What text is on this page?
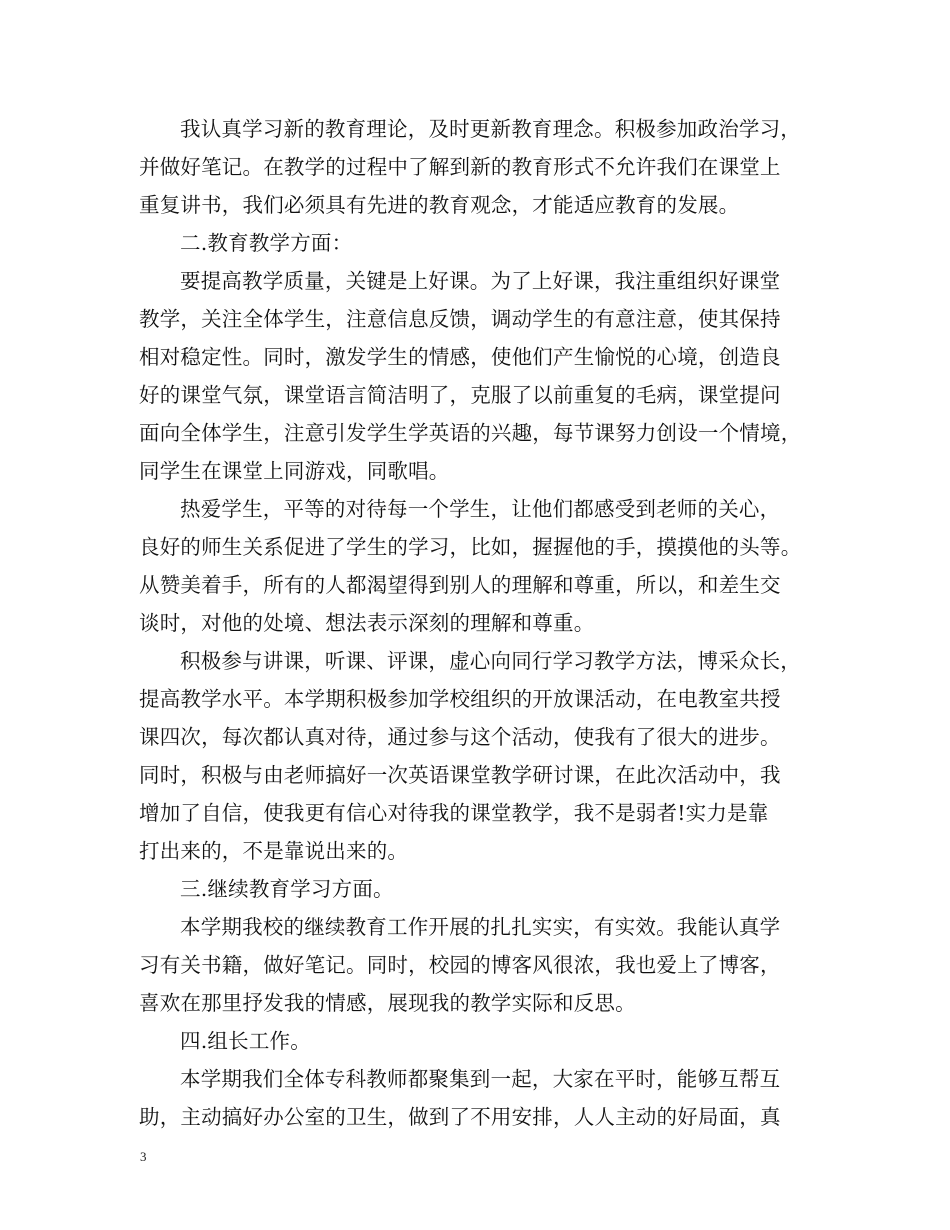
我认真学习新的教育理论，及时更新教育理念。积极参加政治学习，
并做好笔记。在教学的过程中了解到新的教育形式不允许我们在课堂上
重复讲书，我们必须具有先进的教育观念，才能适应教育的发展。
二.教育教学方面：
要提高教学质量，关键是上好课。为了上好课，我注重组织好课堂
教学，关注全体学生，注意信息反馈，调动学生的有意注意，使其保持
相对稳定性。同时，激发学生的情感，使他们产生愉悦的心境，创造良
好的课堂气氛，课堂语言简洁明了，克服了以前重复的毛病，课堂提问
面向全体学生，注意引发学生学英语的兴趣，每节课努力创设一个情境，
同学生在课堂上同游戏，同歌唱。
热爱学生，平等的对待每一个学生，让他们都感受到老师的关心，
良好的师生关系促进了学生的学习，比如，握握他的手，摸摸他的头等。
从赞美着手，所有的人都渴望得到别人的理解和尊重，所以，和差生交
谈时，对他的处境、想法表示深刻的理解和尊重。
积极参与讲课，听课、评课，虚心向同行学习教学方法，博采众长，
提高教学水平。本学期积极参加学校组织的开放课活动，在电教室共授
课四次，每次都认真对待，通过参与这个活动，使我有了很大的进步。
同时，积极与由老师搞好一次英语课堂教学研讨课，在此次活动中，我
增加了自信，使我更有信心对待我的课堂教学，我不是弱者!实力是靠
打出来的，不是靠说出来的。
三.继续教育学习方面。
本学期我校的继续教育工作开展的扎扎实实，有实效。我能认真学
习有关书籍，做好笔记。同时，校园的博客风很浓，我也爱上了博客，
喜欢在那里抒发我的情感，展现我的教学实际和反思。
四.组长工作。
本学期我们全体专科教师都聚集到一起，大家在平时，能够互帮互
助，主动搞好办公室的卫生，做到了不用安排，人人主动的好局面，真
3
